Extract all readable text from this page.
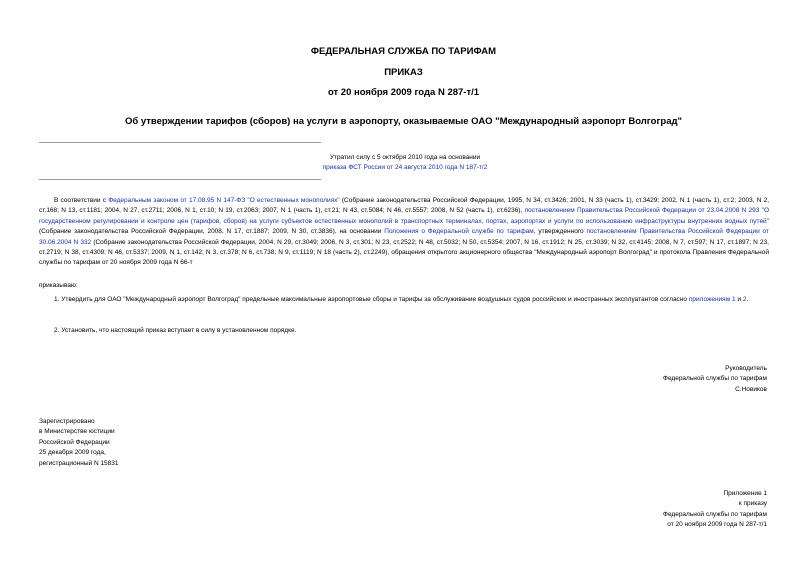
ФЕДЕРАЛЬНАЯ СЛУЖБА ПО ТАРИФАМ
ПРИКАЗ
от 20 ноября 2009 года N 287-т/1
Об утверждении тарифов (сборов) на услуги в аэропорту, оказываемые ОАО "Международный аэропорт Волгоград"
Утратил силу с 5 октября 2010 года на основании
приказа ФСТ России от 24 августа 2010 года N 187-т/2
В соответствии с Федеральным законом от 17.08.95 N 147-ФЗ "О естественных монополиях" (Собрание законодательства Российской Федерации, 1995, N 34, ст.3426; 2001, N 33 (часть 1), ст.3429; 2002, N 1 (часть 1), ст.2; 2003, N 2, ст.168; N 13, ст.1181; 2004, N 27, ст.2711; 2006, N 1, ст.10; N 19, ст.2063; 2007, N 1 (часть 1), ст.21; N 43, ст.5084; N 46, ст.5557; 2008, N 52 (часть 1), ст.6236), постановлением Правительства Российской Федерации от 23.04.2008 N 293 "О государственном регулировании и контроле цен (тарифов, сборов) на услуги субъектов естественных монополий в транспортных терминалах, портах, аэропортах и услуги по использованию инфраструктуры внутренних водных путей" (Собрание законодательства Российской Федерации, 2008, N 17, ст.1887; 2009, N 30, ст.3836), на основании Положения о Федеральной службе по тарифам, утвержденного постановлением Правительства Российской Федерации от 30.06.2004 N 332 (Собрание законодательства Российской Федерации, 2004, N 29, ст.3049; 2006, N 3, ст.301; N 23, ст.2522; N 48, ст.5032; N 50, ст.5354; 2007, N 16, ст.1912; N 25, ст.3039; N 32, ст.4145; 2008, N 7, ст.597; N 17, ст.1897; N 23, ст.2719; N 38, ст.4309; N 46, ст.5337; 2009, N 1, ст.142; N 3, ст.378; N 6, ст.738; N 9, ст.1119; N 18 (часть 2), ст.2249), обращения открытого акционерного общества "Международный аэропорт Волгоград" и протокола Правления Федеральной службы по тарифам от 20 ноября 2009 года N 66-т
приказываю:
1. Утвердить для ОАО "Международный аэропорт Волгоград" предельные максимальные аэропортовые сборы и тарифы за обслуживание воздушных судов российских и иностранных эксплуатантов согласно приложениям 1 и 2.
2. Установить, что настоящий приказ вступает в силу в установленном порядке.
Руководитель
Федеральной службы по тарифам
С.Новиков
Зарегистрировано
в Министерстве юстиции
Российской Федерации
25 декабря 2009 года,
регистрационный N 15831
Приложение 1
к приказу
Федеральной службы по тарифам
от 20 ноября 2009 года N 287-т/1
